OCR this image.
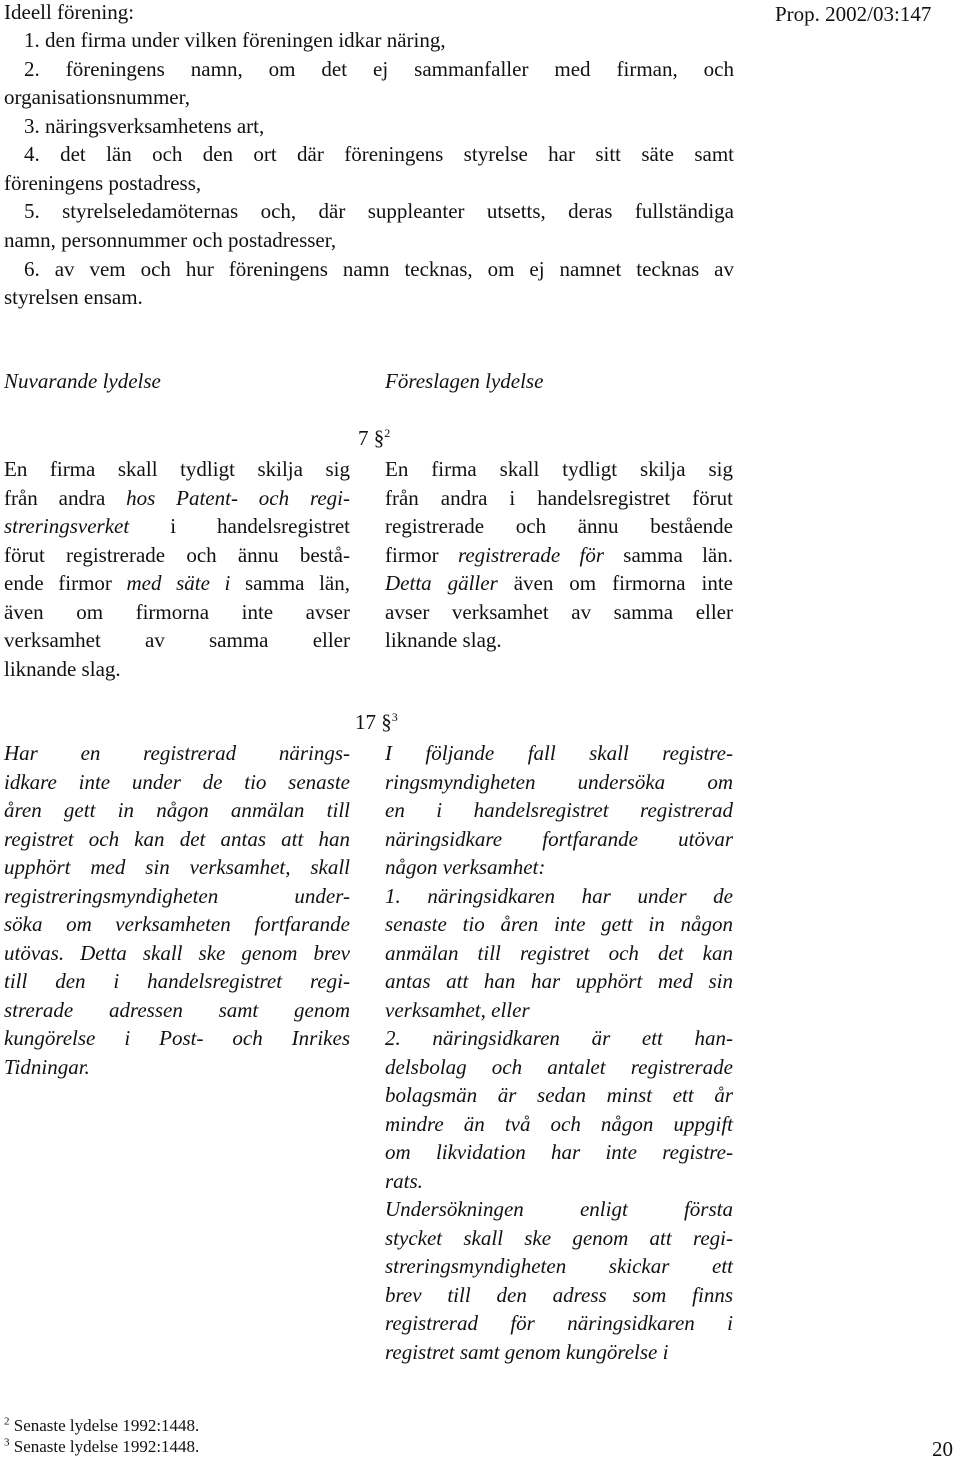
Ideell förening:
1. den firma under vilken föreningen idkar näring,
2. föreningens namn, om det ej sammanfaller med firman, och
organisationsnummer,
3. näringsverksamhetens art,
4. det län och den ort där föreningens styrelse har sitt säte samt
föreningens postadress,
5. styrelseledamöternas och, där suppleanter utsetts, deras fullständiga
namn, personnummer och postadresser,
6. av vem och hur föreningens namn tecknas, om ej namnet tecknas av
styrelsen ensam.
Prop. 2002/03:147
Nuvarande lydelse	Föreslagen lydelse
7 §$^2$
En firma skall tydligt skilja sig
från andra hos Patent- och regi-
streringsverket i handelsregistret
förut registrerade och ännu bestå-
ende firmor med säte i samma län,
även om firmorna inte avser
verksamhet av samma eller
liknande slag.
En firma skall tydligt skilja sig
från andra i handelsregistret förut
registrerade och ännu bestående
firmor registrerade för samma län.
Detta gäller även om firmorna inte
avser verksamhet av samma eller
liknande slag.
17 §$^3$
Har en registrerad närings-
idkare inte under de tio senaste
åren gett in någon anmälan till
registret och kan det antas att han
upphört med sin verksamhet, skall
registreringsmyndigheten under-
söka om verksamheten fortfarande
utövas. Detta skall ske genom brev
till den i handelsregistret regi-
strerade adressen samt genom
kungörelse i Post- och Inrikes
Tidningar.
I följande fall skall registre-
ringsmyndigheten undersöka om
en i handelsregistret registrerad
näringsidkare fortfarande utövar
någon verksamhet:
1. näringsidkaren har under de
senaste tio åren inte gett in någon
anmälan till registret och det kan
antas att han har upphört med sin
verksamhet, eller
2. näringsidkaren är ett han-
delsbolag och antalet registrerade
bolagsmän är sedan minst ett år
mindre än två och någon uppgift
om likvidation har inte registre-
rats.
Undersökningen enligt första
stycket skall ske genom att regi-
streringsmyndigheten skickar ett
brev till den adress som finns
registrerad för näringsidkaren i
registret samt genom kungörelse i
$^2$ Senaste lydelse 1992:1448.
$^3$ Senaste lydelse 1992:1448.	20
